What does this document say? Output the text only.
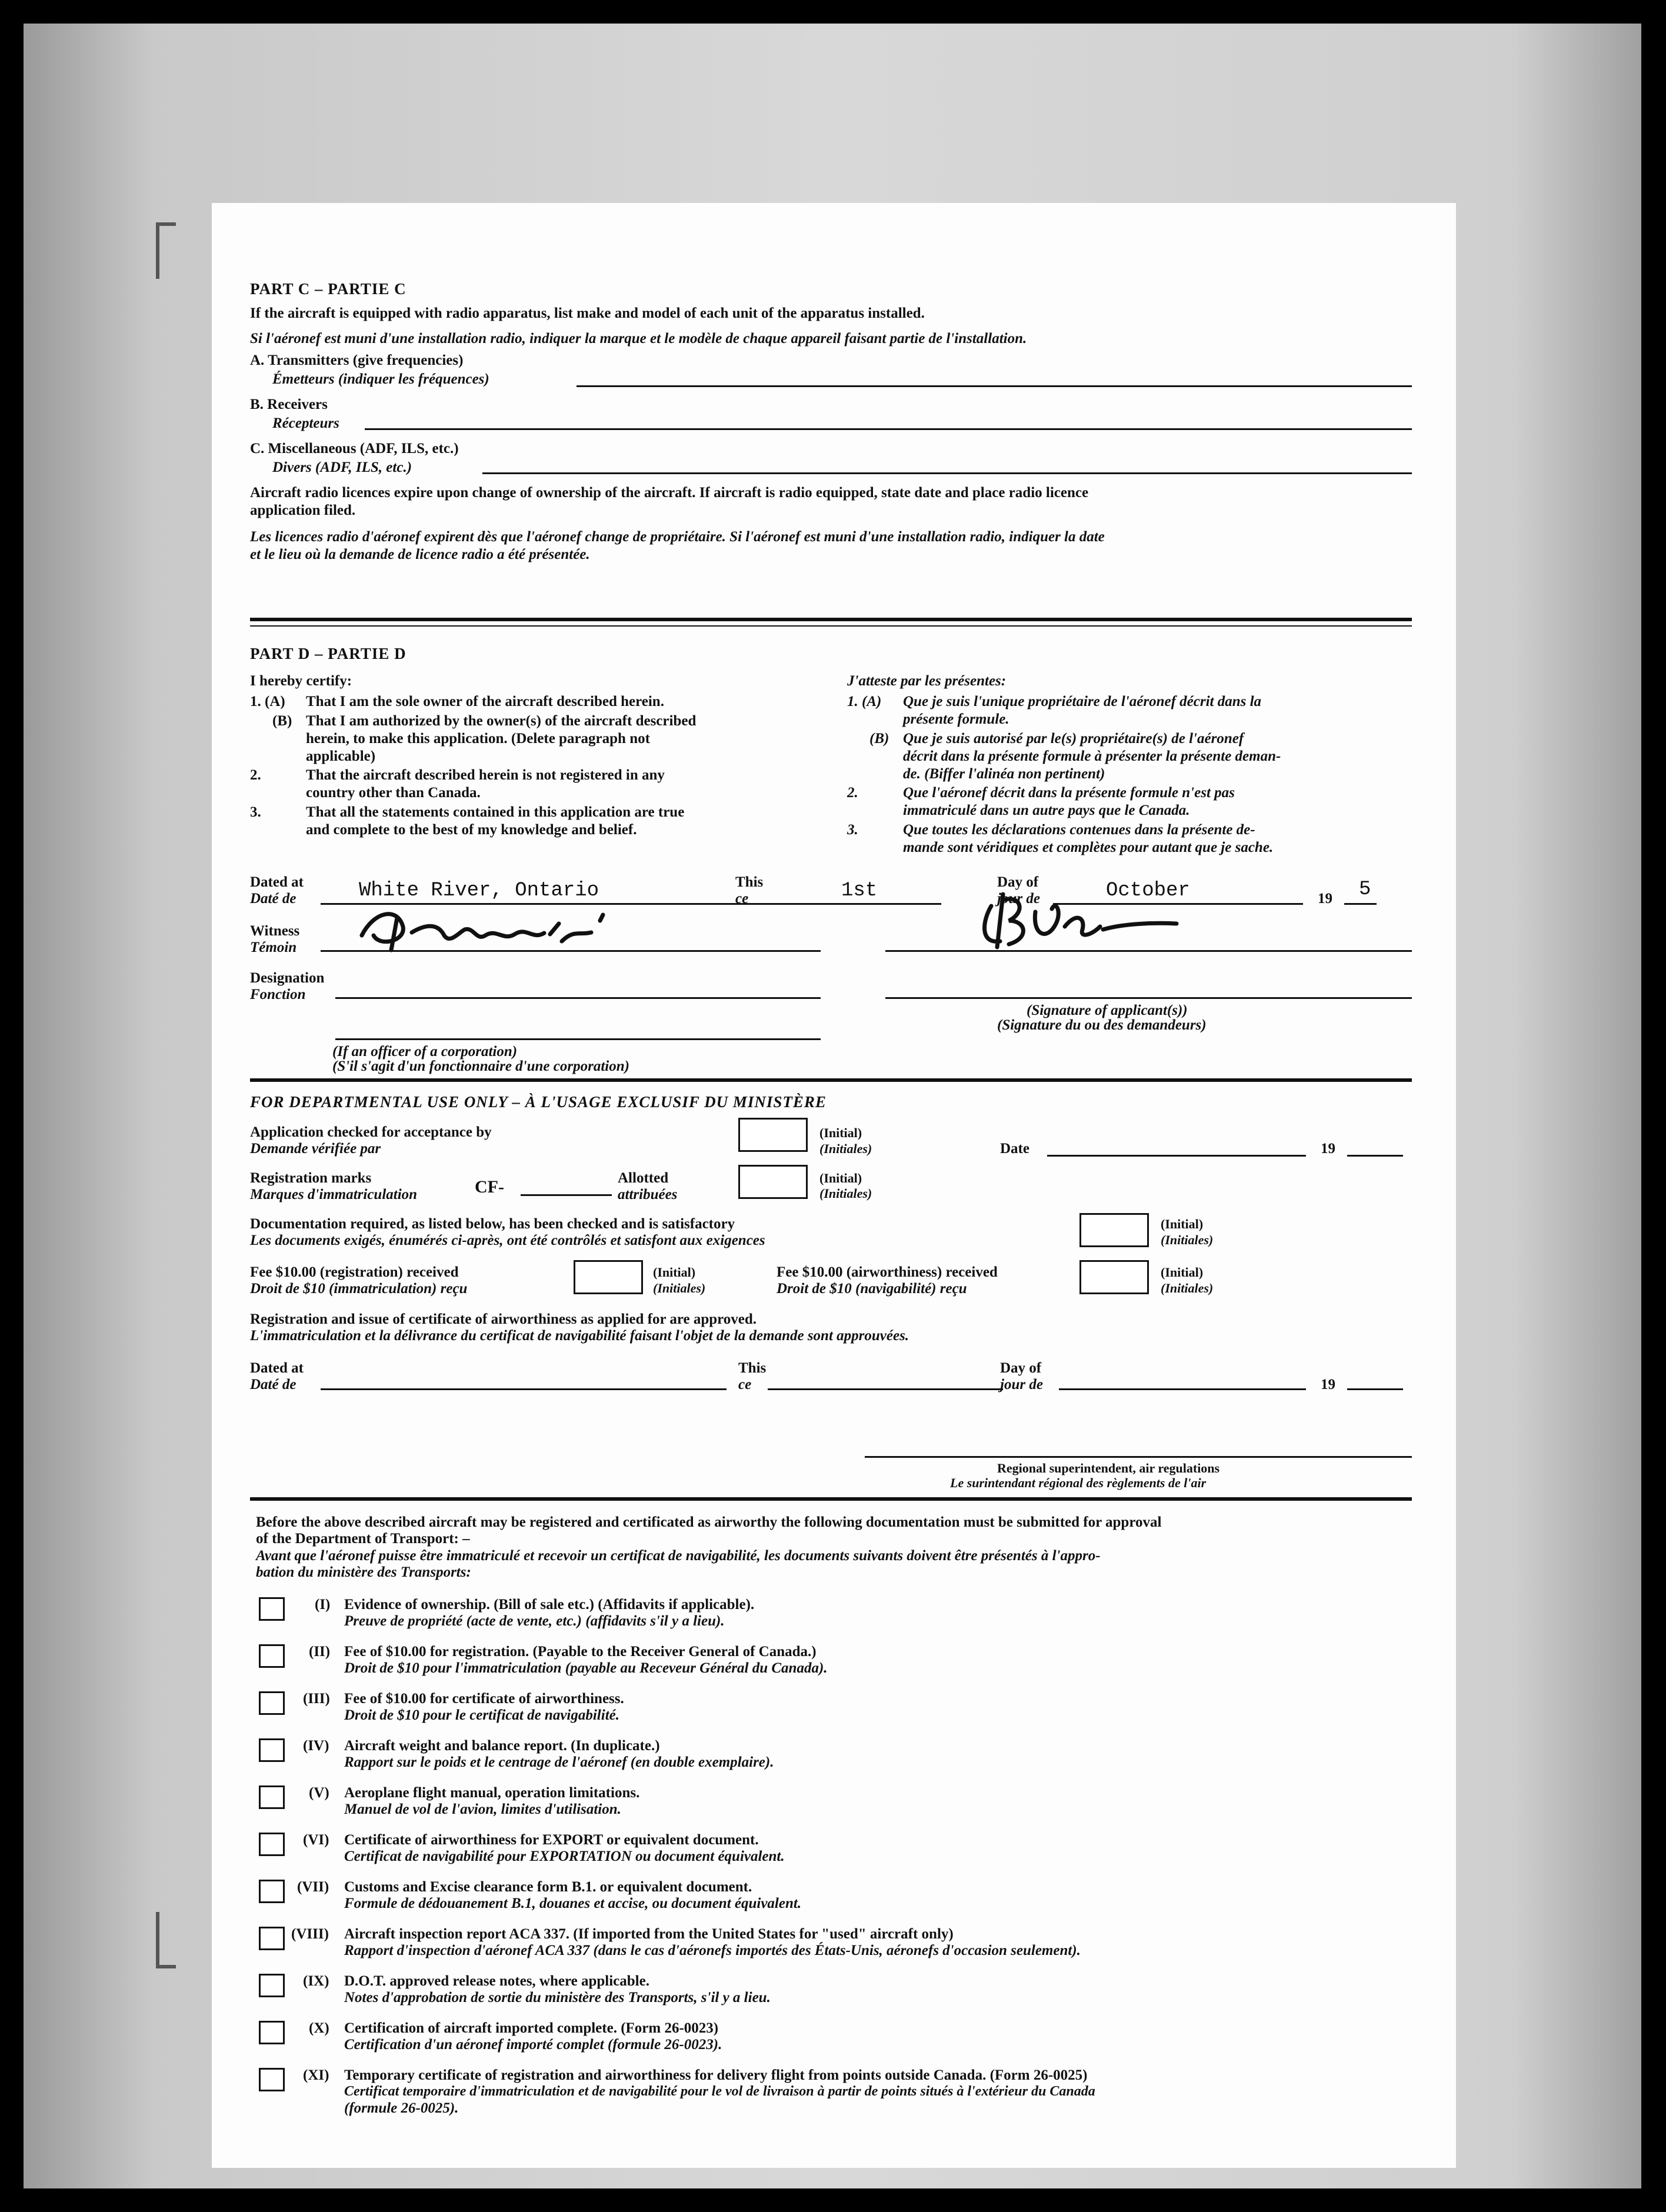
PART C – PARTIE C
If the aircraft is equipped with radio apparatus, list make and model of each unit of the apparatus installed.
Si l'aéronef est muni d'une installation radio, indiquer la marque et le modèle de chaque appareil faisant partie de l'installation.
A. Transmitters (give frequencies)
Émetteurs (indiquer les fréquences)
B. Receivers
Récepteurs
C. Miscellaneous (ADF, ILS, etc.)
Divers (ADF, ILS, etc.)
Aircraft radio licences expire upon change of ownership of the aircraft. If aircraft is radio equipped, state date and place radio licence
application filed.
Les licences radio d'aéronef expirent dès que l'aéronef change de propriétaire. Si l'aéronef est muni d'une installation radio, indiquer la date
et le lieu où la demande de licence radio a été présentée.
PART D – PARTIE D
I hereby certify:
1. (A) That I am the sole owner of the aircraft described herein.
(B) That I am authorized by the owner(s) of the aircraft described
herein, to make this application. (Delete paragraph not
applicable)
2.	That the aircraft described herein is not registered in any
country other than Canada.
3.	That all the statements contained in this application are true
and complete to the best of my knowledge and belief.
J'atteste par les présentes:
1. (A) Que je suis l'unique propriétaire de l'aéronef décrit dans la
présente formule.
(B) Que je suis autorisé par le(s) propriétaire(s) de l'aéronef
décrit dans la présente formule à présenter la présente deman-
de. (Biffer l'alinéa non pertinent)
2.	Que l'aéronef décrit dans la présente formule n'est pas
immatriculé dans un autre pays que le Canada.
3.	Que toutes les déclarations contenues dans la présente de-
mande sont véridiques et complètes pour autant que je sache.
Dated at
Daté de	White River, Ontario	This
ce	1st	Day of
jour de	October	19 5
Witness
Témoin
Designation
Fonction
(Signature of applicant(s))
(Signature du ou des demandeurs)
(If an officer of a corporation)
(S'il s'agit d'un fonctionnaire d'une corporation)
FOR DEPARTMENTAL USE ONLY – À L'USAGE EXCLUSIF DU MINISTÈRE
Application checked for acceptance by
Demande vérifiée par
(Initial)
(Initiales)	Date	19
Registration marks
Marques d'immatriculation	CF-	Allotted
attribuées
(Initial)
(Initiales)
Documentation required, as listed below, has been checked and is satisfactory
Les documents exigés, énumérés ci-après, ont été contrôlés et satisfont aux exigences
(Initial)
(Initiales)
Fee $10.00 (registration) received
Droit de $10 (immatriculation) reçu
(Initial)
(Initiales)
Fee $10.00 (airworthiness) received
Droit de $10 (navigabilité) reçu
(Initial)
(Initiales)
Registration and issue of certificate of airworthiness as applied for are approved.
L'immatriculation et la délivrance du certificat de navigabilité faisant l'objet de la demande sont approuvées.
Dated at
Daté de
This
ce
Day of
jour de	19
Regional superintendent, air regulations
Le surintendant régional des règlements de l'air
Before the above described aircraft may be registered and certificated as airworthy the following documentation must be submitted for approval
of the Department of Transport: –
Avant que l'aéronef puisse être immatriculé et recevoir un certificat de navigabilité, les documents suivants doivent être présentés à l'appro-
bation du ministère des Transports:
(I) Evidence of ownership. (Bill of sale etc.) (Affidavits if applicable).
Preuve de propriété (acte de vente, etc.) (affidavits s'il y a lieu).
(II) Fee of $10.00 for registration. (Payable to the Receiver General of Canada.)
Droit de $10 pour l'immatriculation (payable au Receveur Général du Canada).
(III) Fee of $10.00 for certificate of airworthiness.
Droit de $10 pour le certificat de navigabilité.
(IV) Aircraft weight and balance report. (In duplicate.)
Rapport sur le poids et le centrage de l'aéronef (en double exemplaire).
(V) Aeroplane flight manual, operation limitations.
Manuel de vol de l'avion, limites d'utilisation.
(VI) Certificate of airworthiness for EXPORT or equivalent document.
Certificat de navigabilité pour EXPORTATION ou document équivalent.
(VII) Customs and Excise clearance form B.1. or equivalent document.
Formule de dédouanement B.1, douanes et accise, ou document équivalent.
(VIII) Aircraft inspection report ACA 337. (If imported from the United States for "used" aircraft only)
Rapport d'inspection d'aéronef ACA 337 (dans le cas d'aéronefs importés des États-Unis, aéronefs d'occasion seulement).
(IX) D.O.T. approved release notes, where applicable.
Notes d'approbation de sortie du ministère des Transports, s'il y a lieu.
(X) Certification of aircraft imported complete. (Form 26-0023)
Certification d'un aéronef importé complet (formule 26-0023).
(XI) Temporary certificate of registration and airworthiness for delivery flight from points outside Canada. (Form 26-0025)
Certificat temporaire d'immatriculation et de navigabilité pour le vol de livraison à partir de points situés à l'extérieur du Canada
(formule 26-0025).
